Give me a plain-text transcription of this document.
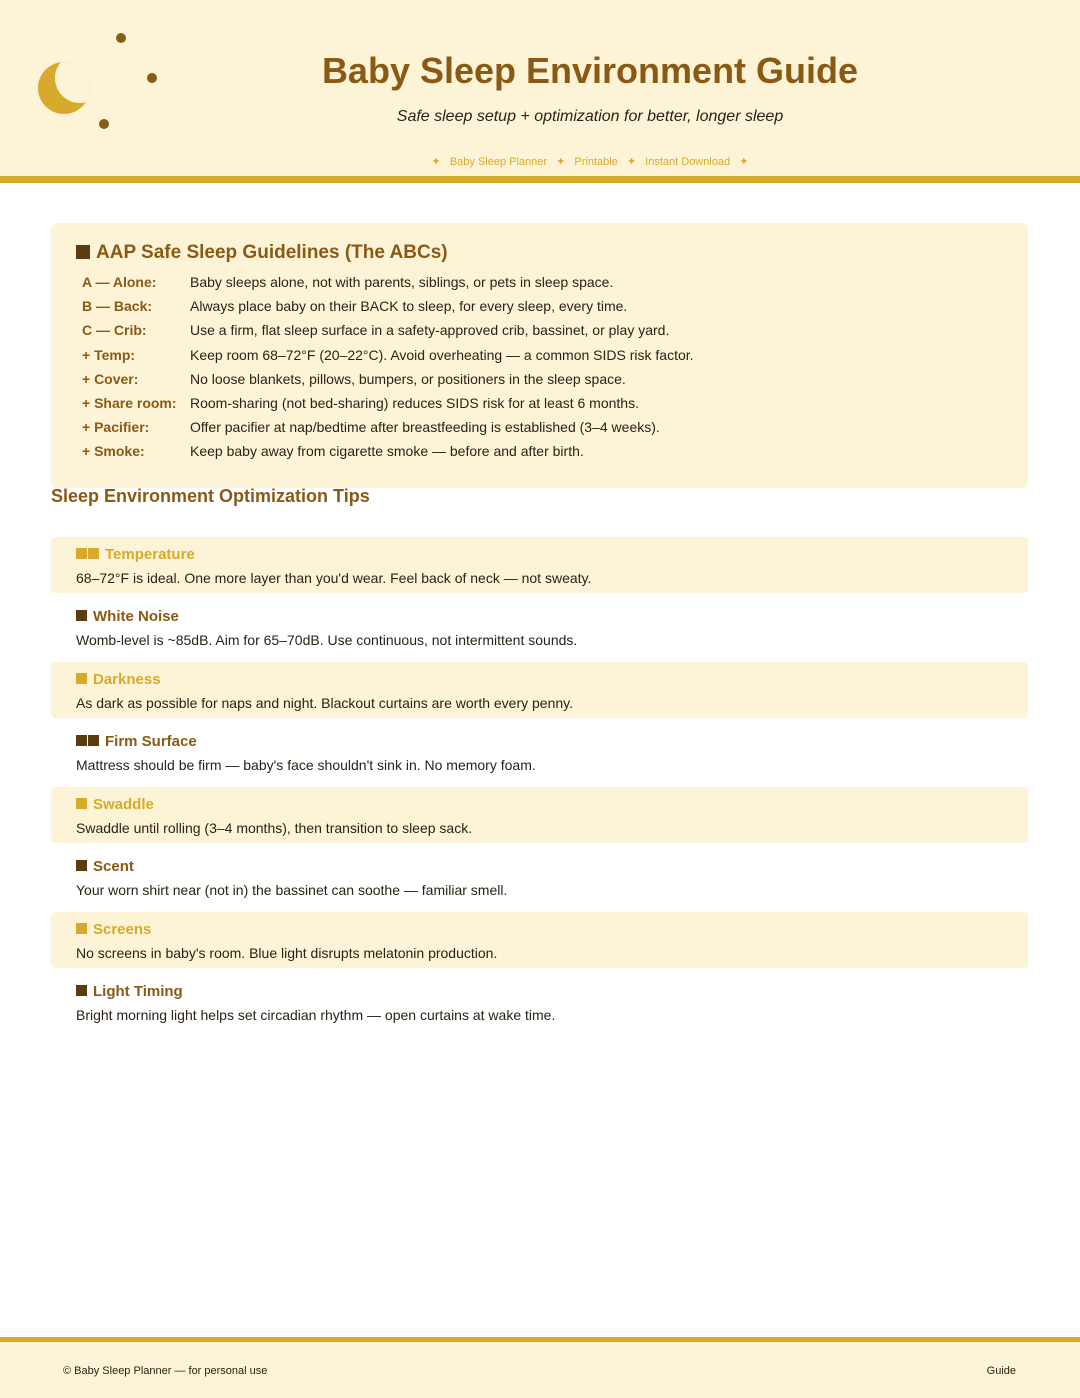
Baby Sleep Environment Guide
Safe sleep setup + optimization for better, longer sleep
✦ Baby Sleep Planner ✦ Printable ✦ Instant Download ✦
AAP Safe Sleep Guidelines (The ABCs)
A — Alone:	Baby sleeps alone, not with parents, siblings, or pets in sleep space.
B — Back:	Always place baby on their BACK to sleep, for every sleep, every time.
C — Crib:	Use a firm, flat sleep surface in a safety-approved crib, bassinet, or play yard.
+ Temp:	Keep room 68–72°F (20–22°C). Avoid overheating — a common SIDS risk factor.
+ Cover:	No loose blankets, pillows, bumpers, or positioners in the sleep space.
+ Share room: Room-sharing (not bed-sharing) reduces SIDS risk for at least 6 months.
+ Pacifier:	Offer pacifier at nap/bedtime after breastfeeding is established (3–4 weeks).
+ Smoke:	Keep baby away from cigarette smoke — before and after birth.
Sleep Environment Optimization Tips
Temperature
68–72°F is ideal. One more layer than you'd wear. Feel back of neck — not sweaty.
White Noise
Womb-level is ~85dB. Aim for 65–70dB. Use continuous, not intermittent sounds.
Darkness
As dark as possible for naps and night. Blackout curtains are worth every penny.
Firm Surface
Mattress should be firm — baby's face shouldn't sink in. No memory foam.
Swaddle
Swaddle until rolling (3–4 months), then transition to sleep sack.
Scent
Your worn shirt near (not in) the bassinet can soothe — familiar smell.
Screens
No screens in baby's room. Blue light disrupts melatonin production.
Light Timing
Bright morning light helps set circadian rhythm — open curtains at wake time.
© Baby Sleep Planner — for personal use	Guide
